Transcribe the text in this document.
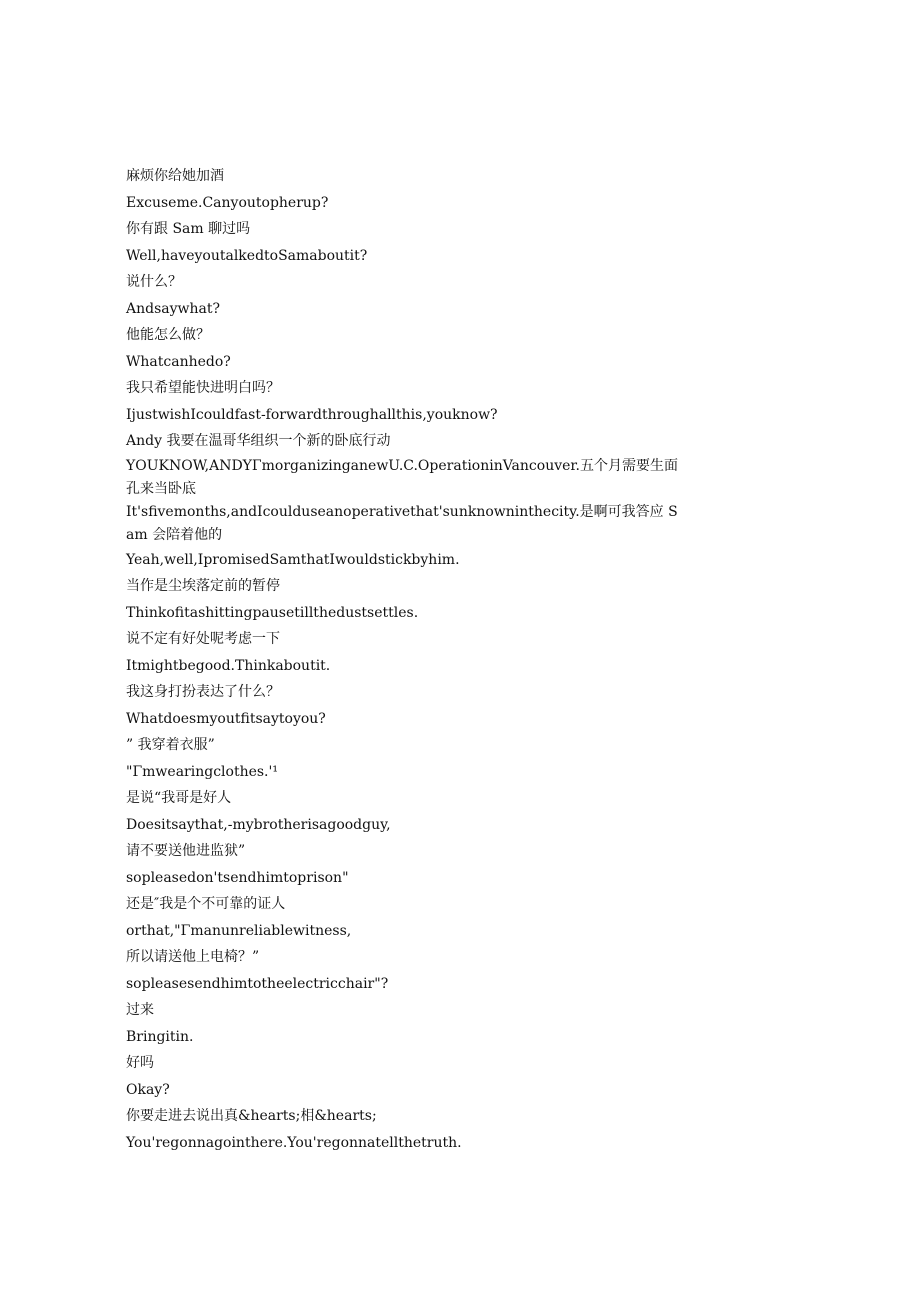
麻烦你给她加酒
Excuseme.Canyoutopherup?
你有跟 Sam 聊过吗
Well,haveyoutalkedtoSamaboutit?
说什么？
Andsaywhat?
他能怎么做？
Whatcanhedo?
我只希望能快进明白吗？
IjustwishIcouldfast-forwardthroughallthis,youknow?
Andy 我要在温哥华组织一个新的卧底行动
YOUKNOW,ANDYΓmorganizinganewU.C.OperationinVancouver.五个月需要生面孔来当卧底
It'sfivemonths,andIcoulduseanoperativethat'sunknowninthecity.是啊可我答应 Sam 会陪着他的
Yeah,well,IpromisedSamthatIwouldstickbyhim.
当作是尘埃落定前的暂停
Thinkofitashittingpausetillthedustsettles.
说不定有好处呢考虑一下
Itmightbegood.Thinkaboutit.
我这身打扮表达了什么？
Whatdoesmyoutfitsaytoyou?
” 我穿着衣服”
"Γmwearingclothes.'¹
是说“我哥是好人
Doesitsaythat,-mybrotherisagoodguy,
请不要送他进监狱”
sopleasedon'tsendhimtoprison"
还是″我是个不可靠的证人
orthat,"Γmanunreliablewitness,
所以请送他上电椅？”
sopleasesendhimtotheelectricchair"?
过来
Bringitin.
好吗
Okay?
你要走进去说出真&hearts;相&hearts;
You'regonnagointhere.You'regonnatellthetruth.
